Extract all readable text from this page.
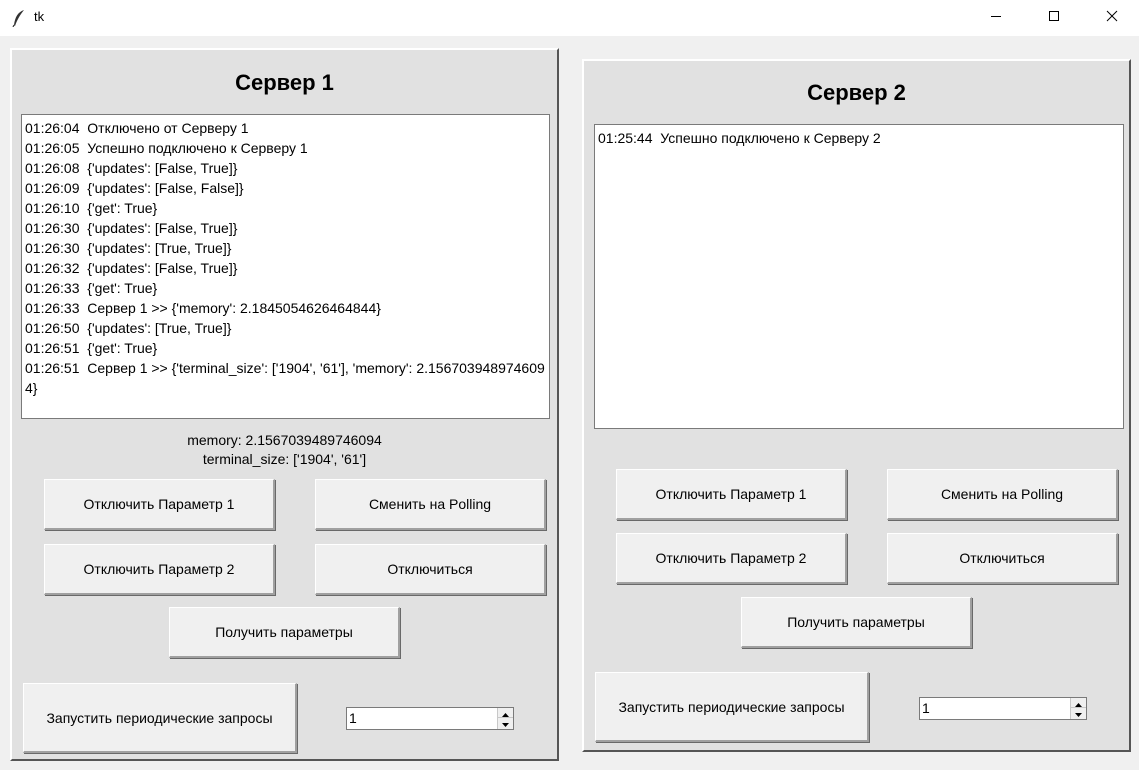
tk
Сервер 1
01:26:04  Отключено от Серверу 1
01:26:05  Успешно подключено к Серверу 1
01:26:08  {'updates': [False, True]}
01:26:09  {'updates': [False, False]}
01:26:10  {'get': True}
01:26:30  {'updates': [False, True]}
01:26:30  {'updates': [True, True]}
01:26:32  {'updates': [False, True]}
01:26:33  {'get': True}
01:26:33  Сервер 1 >> {'memory': 2.1845054626464844}
01:26:50  {'updates': [True, True]}
01:26:51  {'get': True}
01:26:51  Сервер 1 >> {'terminal_size': ['1904', '61'], 'memory': 2.1567039489746094}
memory: 2.1567039489746094
terminal_size: ['1904', '61']
Отключить Параметр 1	Сменить на Polling
Отключить Параметр 2	Отключиться
Получить параметры
Запустить периодические запросы	1
Сервер 2
01:25:44  Успешно подключено к Серверу 2
Отключить Параметр 1	Сменить на Polling
Отключить Параметр 2	Отключиться
Получить параметры
Запустить периодические запросы	1
